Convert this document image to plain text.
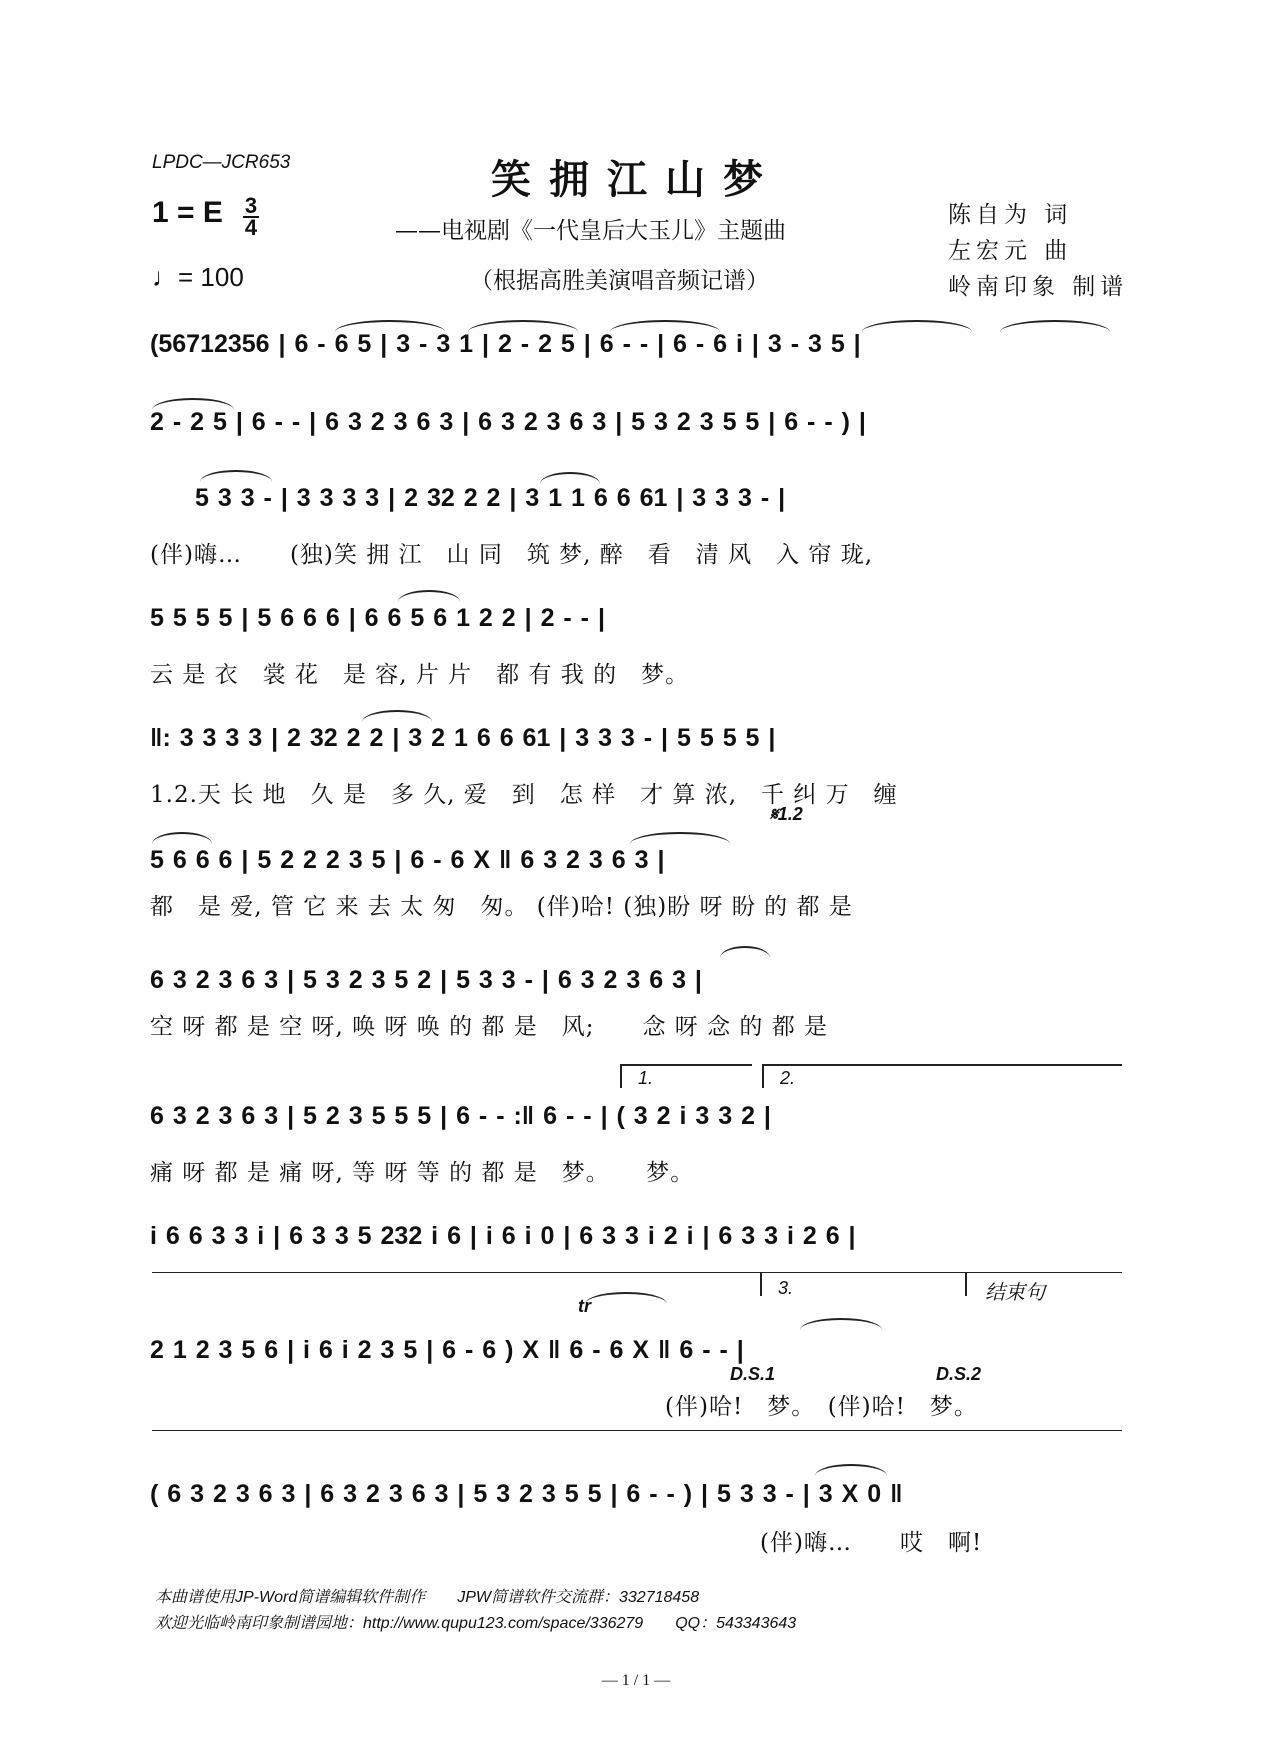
LPDC—JCR653	笑拥江山梦
——电视剧《一代皇后大玉儿》主题曲
（根据高胜美演唱音频记谱）
陈自为 词
左宏元 曲
岭南印象 制谱
1 = E 3
4
♩= 100
(56712356 | 6 - 6 5 | 3 - 3 1 | 2 - 2 5 | 6 - - | 6 - 6 i | 3 - 3 5 |
2 - 2 5 | 6 - - | 6 3 2 3 6 3 | 6 3 2 3 6 3 | 5 3 2 3 5 5 | 6 - - ) |
5 3 3 - | 3 3 3 3 | 2 32 2 2 | 3 1 1 6 6 61 | 3 3 3 - |
(伴)嗨…　　(独)笑 拥 江　山 同　筑 梦, 醉　看　清 风　入 帘 珑,
5 5 5 5 | 5 6 6 6 | 6 6 5 6 1 2 2 | 2 - - |
云 是 衣　裳 花　是 容, 片 片　都 有 我 的　梦。
‖: 3 3 3 3 | 2 32 2 2 | 3 2 1 6 6 61 | 3 3 3 - | 5 5 5 5 |
1.2.天 长 地　久 是　多 久, 爱　到　怎 样　才 算 浓,　千 纠 万　缠
𝄋1.2
5 6 6 6 | 5 2 2 2 3 5 | 6 - 6 X ‖ 6 3 2 3 6 3 |
都　是 爱, 管 它 来 去 太 匆　匆。 (伴)哈! (独)盼 呀 盼 的 都 是
6 3 2 3 6 3 | 5 3 2 3 5 2 | 5 3 3 - | 6 3 2 3 6 3 |
空 呀 都 是 空 呀, 唤 呀 唤 的 都 是　风;　　念 呀 念 的 都 是
1.	2.
6 3 2 3 6 3 | 5 2 3 5 5 5 | 6 - - :‖ 6 - - | ( 3 2 i 3 3 2 |
痛 呀 都 是 痛 呀, 等 呀 等 的 都 是　梦。　　梦。
i 6 6 3 3 i | 6 3 3 5 232 i 6 | i 6 i 0 | 6 3 3 i 2 i | 6 3 3 i 2 6 |
3.	结束句
tr
2 1 2 3 5 6 | i 6 i 2 3 5 | 6 - 6 ) X ‖ 6 - 6 X ‖ 6 - - |
D.S.1	D.S.2
(伴)哈!　梦。　(伴)哈!　梦。
( 6 3 2 3 6 3 | 6 3 2 3 6 3 | 5 3 2 3 5 5 | 6 - - ) | 5 3 3 - | 3 X 0 ‖
(伴)嗨…　　哎　啊!
本曲谱使用JP-Word简谱编辑软件制作　　JPW简谱软件交流群：332718458
欢迎光临岭南印象制谱园地：http://www.qupu123.com/space/336279　　QQ：543343643
— 1 / 1 —
